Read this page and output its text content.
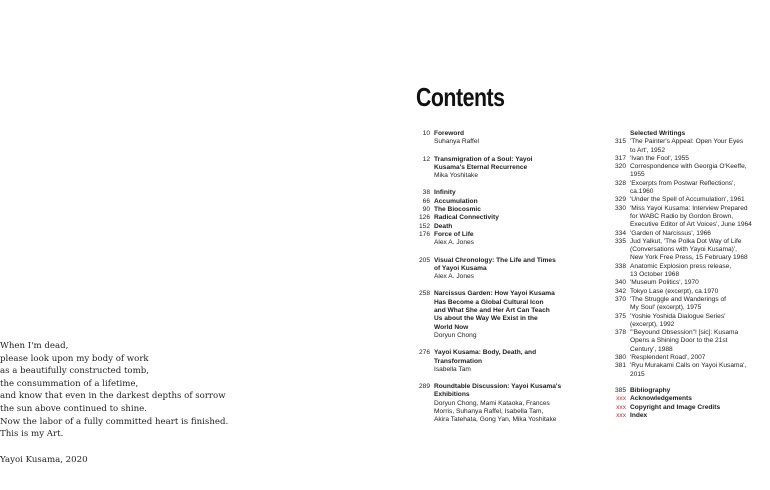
When I'm dead,
please look upon my body of work
as a beautifully constructed tomb,
the consummation of a lifetime,
and know that even in the darkest depths of sorrow
the sun above continued to shine.
Now the labor of a fully committed heart is finished.
This is my Art.
Yayoi Kusama, 2020
Contents
10 Foreword
Suhanya Raffel
12 Transmigration of a Soul: Yayoi
Kusama's Eternal Recurrence
Mika Yoshitake
38 Infinity
66 Accumulation
90 The Biocosmic
126 Radical Connectivity
152 Death
176 Force of Life
Alex A. Jones
205 Visual Chronology: The Life and Times
of Yayoi Kusama
Alex A. Jones
258 Narcissus Garden: How Yayoi Kusama
Has Become a Global Cultural Icon
and What She and Her Art Can Teach
Us about the Way We Exist in the
World Now
Doryun Chong
276 Yayoi Kusama: Body, Death, and
Transformation
Isabella Tam
289 Roundtable Discussion: Yayoi Kusama's
Exhibitions
Doryun Chong, Mami Kataoka, Frances
Morris, Suhanya Raffel, Isabella Tam,
Akira Tatehata, Gong Yan, Mika Yoshitake
Selected Writings
315 'The Painter's Appeal: Open Your Eyes
to Art', 1952
317 'Ivan the Fool', 1955
320 Correspondence with Georgia O'Keeffe,
1955
328 'Excerpts from Postwar Reflections',
ca.1960
329 'Under the Spell of Accumulation', 1961
330 'Miss Yayoi Kusama: Interview Prepared
for WABC Radio by Gordon Brown,
Executive Editor of Art Voices', June 1964
334 'Garden of Narcissus', 1966
335 Jud Yalkut, 'The Polka Dot Way of Life
(Conversations with Yayoi Kusama)',
New York Free Press, 15 February 1968
338 Anatomic Explosion press release,
13 October 1968
340 'Museum Politics', 1970
342 Tokyo Lase (excerpt), ca.1970
370 'The Struggle and Wanderings of
My Soul' (excerpt), 1975
375 'Yoshie Yoshida Dialogue Series'
(excerpt), 1992
378 '"Beyound Obsession"! [sic]: Kusama
Opens a Shining Door to the 21st
Century', 1988
380 'Resplendent Road', 2007
381 'Ryu Murakami Calls on Yayoi Kusama',
2015
385 Bibliography
xxx Acknowledgements
xxx Copyright and Image Credits
xxx Index
